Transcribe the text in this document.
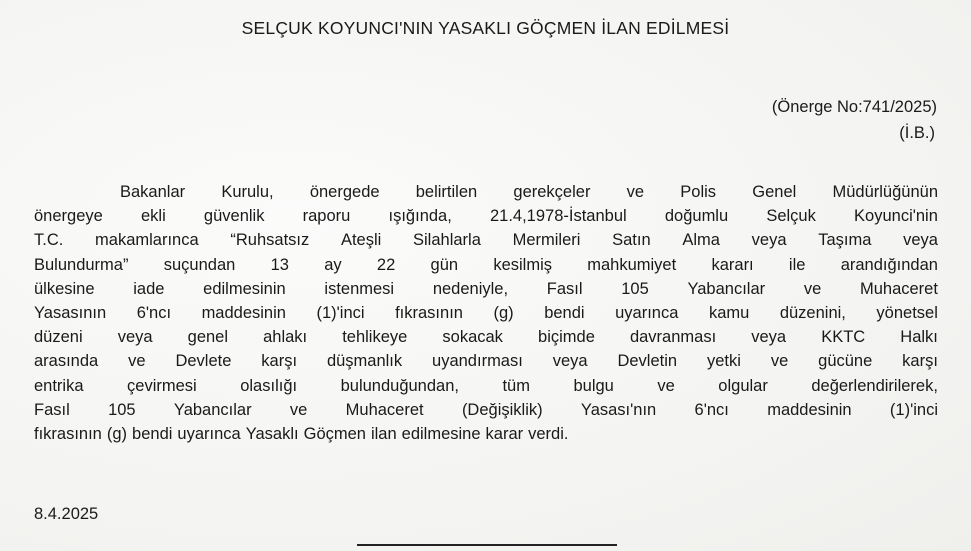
SELÇUK KOYUNCI'NIN YASAKLI GÖÇMEN İLAN EDİLMESİ
(Önerge No:741/2025)
(İ.B.)
Bakanlar Kurulu, önergede belirtilen gerekçeler ve Polis Genel Müdürlüğünün
önergeye ekli güvenlik raporu ışığında, 21.4,1978-İstanbul doğumlu Selçuk Koyunci'nin
T.C. makamlarınca “Ruhsatsız Ateşli Silahlarla Mermileri Satın Alma veya Taşıma veya
Bulundurma” suçundan 13 ay 22 gün kesilmiş mahkumiyet kararı ile arandığından
ülkesine iade edilmesinin istenmesi nedeniyle, Fasıl 105 Yabancılar ve Muhaceret
Yasasının 6'ncı maddesinin (1)'inci fıkrasının (g) bendi uyarınca kamu düzenini, yönetsel
düzeni veya genel ahlakı tehlikeye sokacak biçimde davranması veya KKTC Halkı
arasında ve Devlete karşı düşmanlık uyandırması veya Devletin yetki ve gücüne karşı
entrika	çevirmesi	olasılığı	bulunduğundan,	tüm	bulgu	ve	olgular	değerlendirilerek,
Fasıl 105 Yabancılar ve Muhaceret (Değişiklik) Yasası'nın 6'ncı maddesinin (1)'inci
fıkrasının (g) bendi uyarınca Yasaklı Göçmen ilan edilmesine karar verdi.
8.4.2025
